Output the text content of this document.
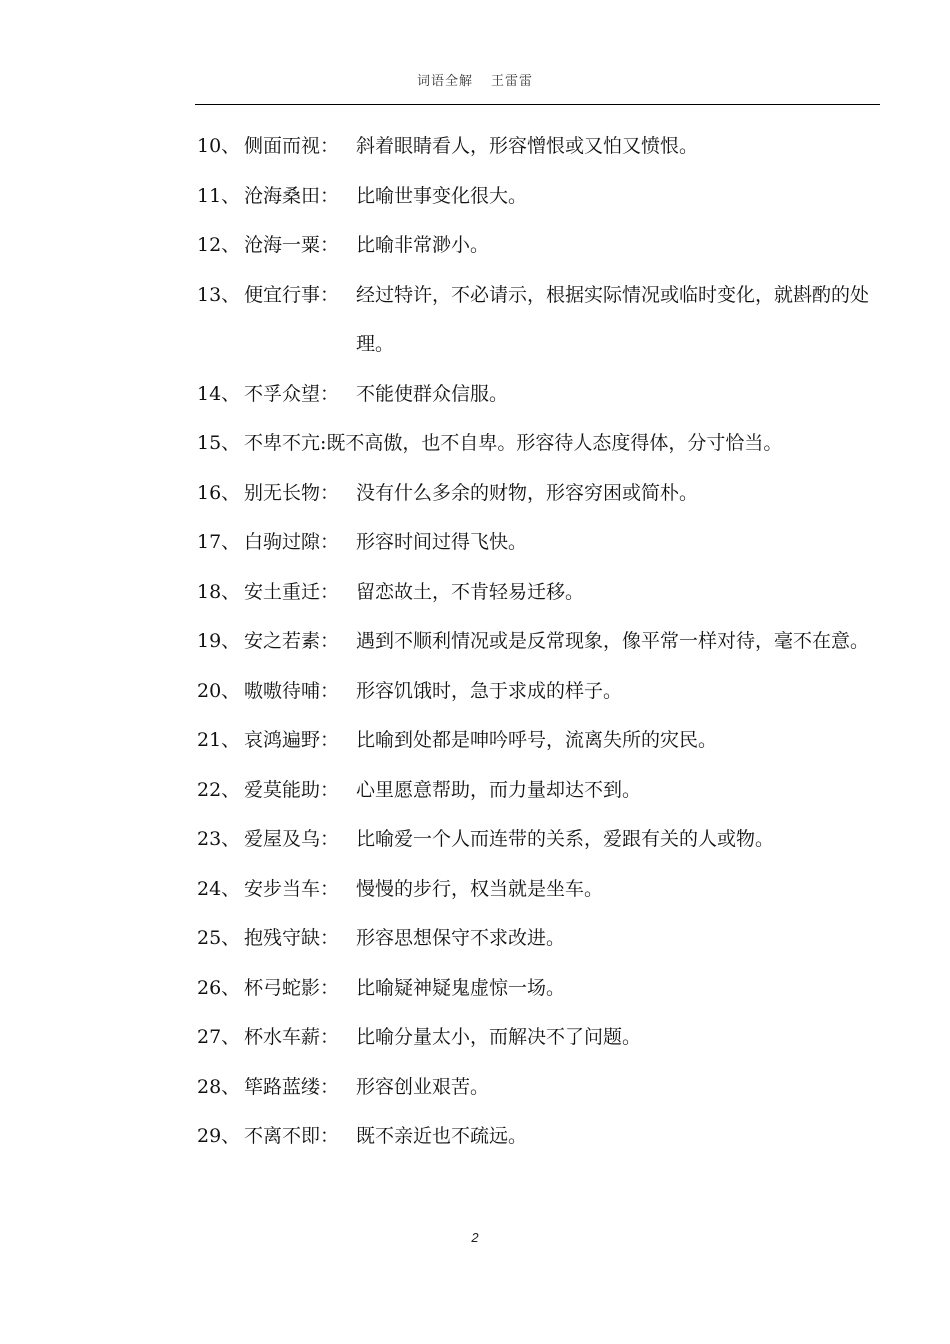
词语全解 王雷雷
10、 侧面而视： 斜着眼睛看人，形容憎恨或又怕又愤恨。
11、 沧海桑田： 比喻世事变化很大。
12、 沧海一粟： 比喻非常渺小。
13、 便宜行事： 经过特许，不必请示，根据实际情况或临时变化，就斟酌的处理。
14、 不孚众望： 不能使群众信服。
15、 不卑不亢: 既不高傲，也不自卑。形容待人态度得体，分寸恰当。
16、 别无长物： 没有什么多余的财物，形容穷困或简朴。
17、 白驹过隙： 形容时间过得飞快。
18、 安土重迁： 留恋故土，不肯轻易迁移。
19、 安之若素： 遇到不顺利情况或是反常现象，像平常一样对待，毫不在意。
20、 嗷嗷待哺： 形容饥饿时，急于求成的样子。
21、 哀鸿遍野： 比喻到处都是呻吟呼号，流离失所的灾民。
22、 爱莫能助： 心里愿意帮助，而力量却达不到。
23、 爱屋及乌： 比喻爱一个人而连带的关系，爱跟有关的人或物。
24、 安步当车： 慢慢的步行，权当就是坐车。
25、 抱残守缺： 形容思想保守不求改进。
26、 杯弓蛇影： 比喻疑神疑鬼虚惊一场。
27、 杯水车薪： 比喻分量太小，而解决不了问题。
28、 筚路蓝缕： 形容创业艰苦。
29、 不离不即： 既不亲近也不疏远。
2
